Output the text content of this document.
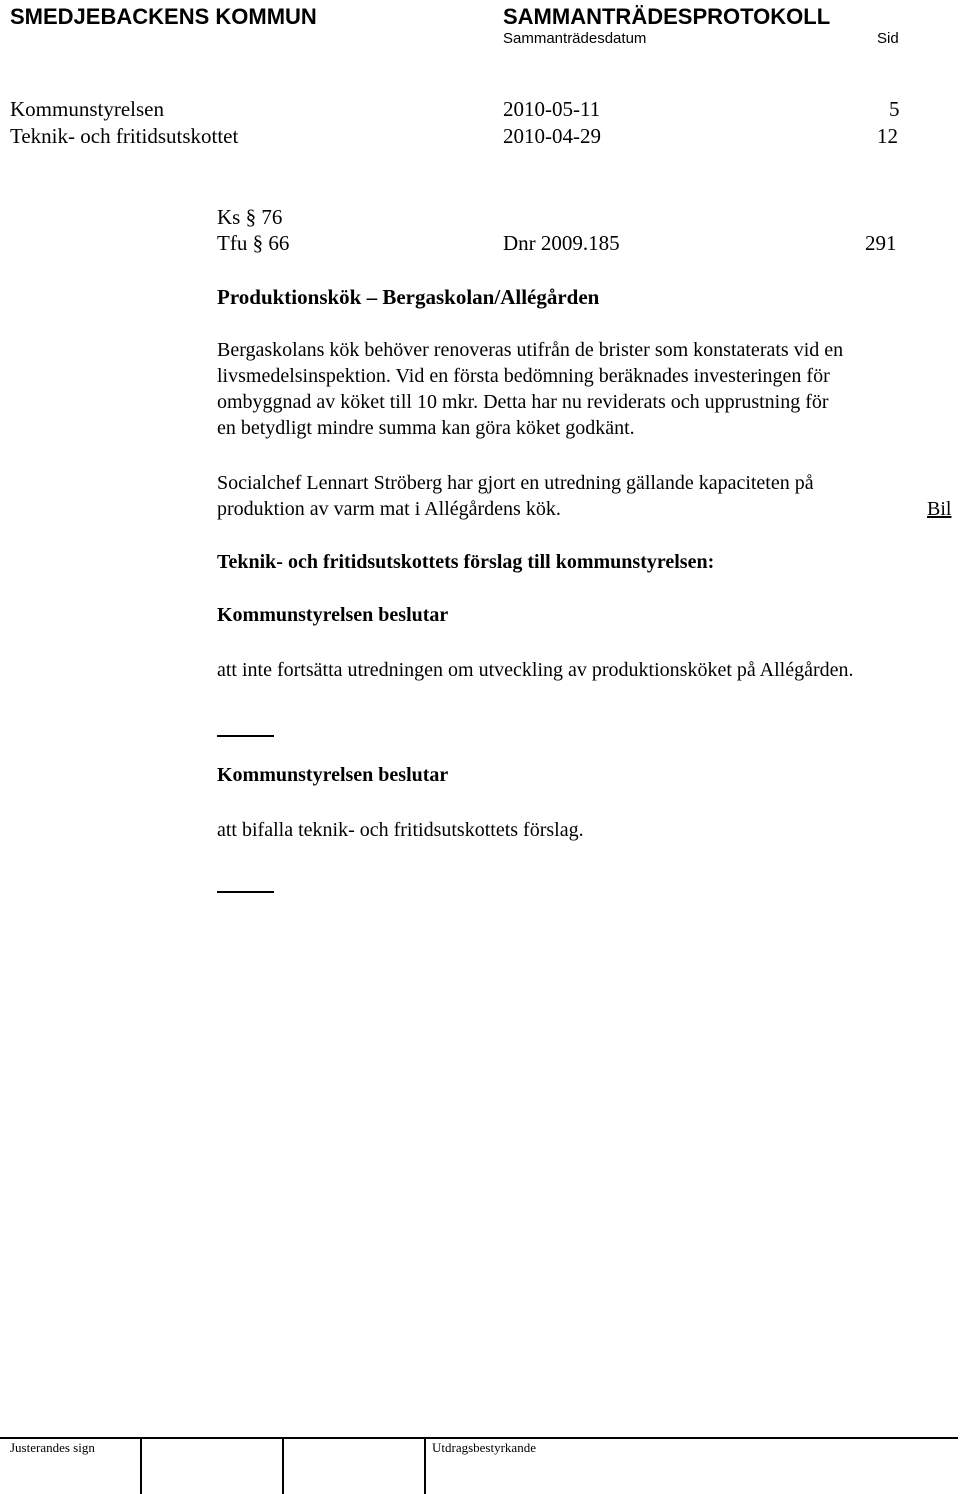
SMEDJEBACKENS KOMMUN	SAMMANTRÄDESPROTOKOLL
Sammanträdesdatum	Sid
Kommunstyrelsen	2010-05-11	5
Teknik- och fritidsutskottet	2010-04-29	12
Ks § 76
Tfu § 66	Dnr 2009.185	291
Produktionskök – Bergaskolan/Allégården
Bergaskolans kök behöver renoveras utifrån de brister som konstaterats vid en
livsmedelsinspektion. Vid en första bedömning beräknades investeringen för
ombyggnad av köket till 10 mkr. Detta har nu reviderats och upprustning för
en betydligt mindre summa kan göra köket godkänt.
Socialchef Lennart Ströberg har gjort en utredning gällande kapaciteten på
produktion av varm mat i Allégårdens kök.	Bil
Teknik- och fritidsutskottets förslag till kommunstyrelsen:
Kommunstyrelsen beslutar
att inte fortsätta utredningen om utveckling av produktionsköket på Allégården.
Kommunstyrelsen beslutar
att bifalla teknik- och fritidsutskottets förslag.
Justerandes sign	Utdragsbestyrkande
